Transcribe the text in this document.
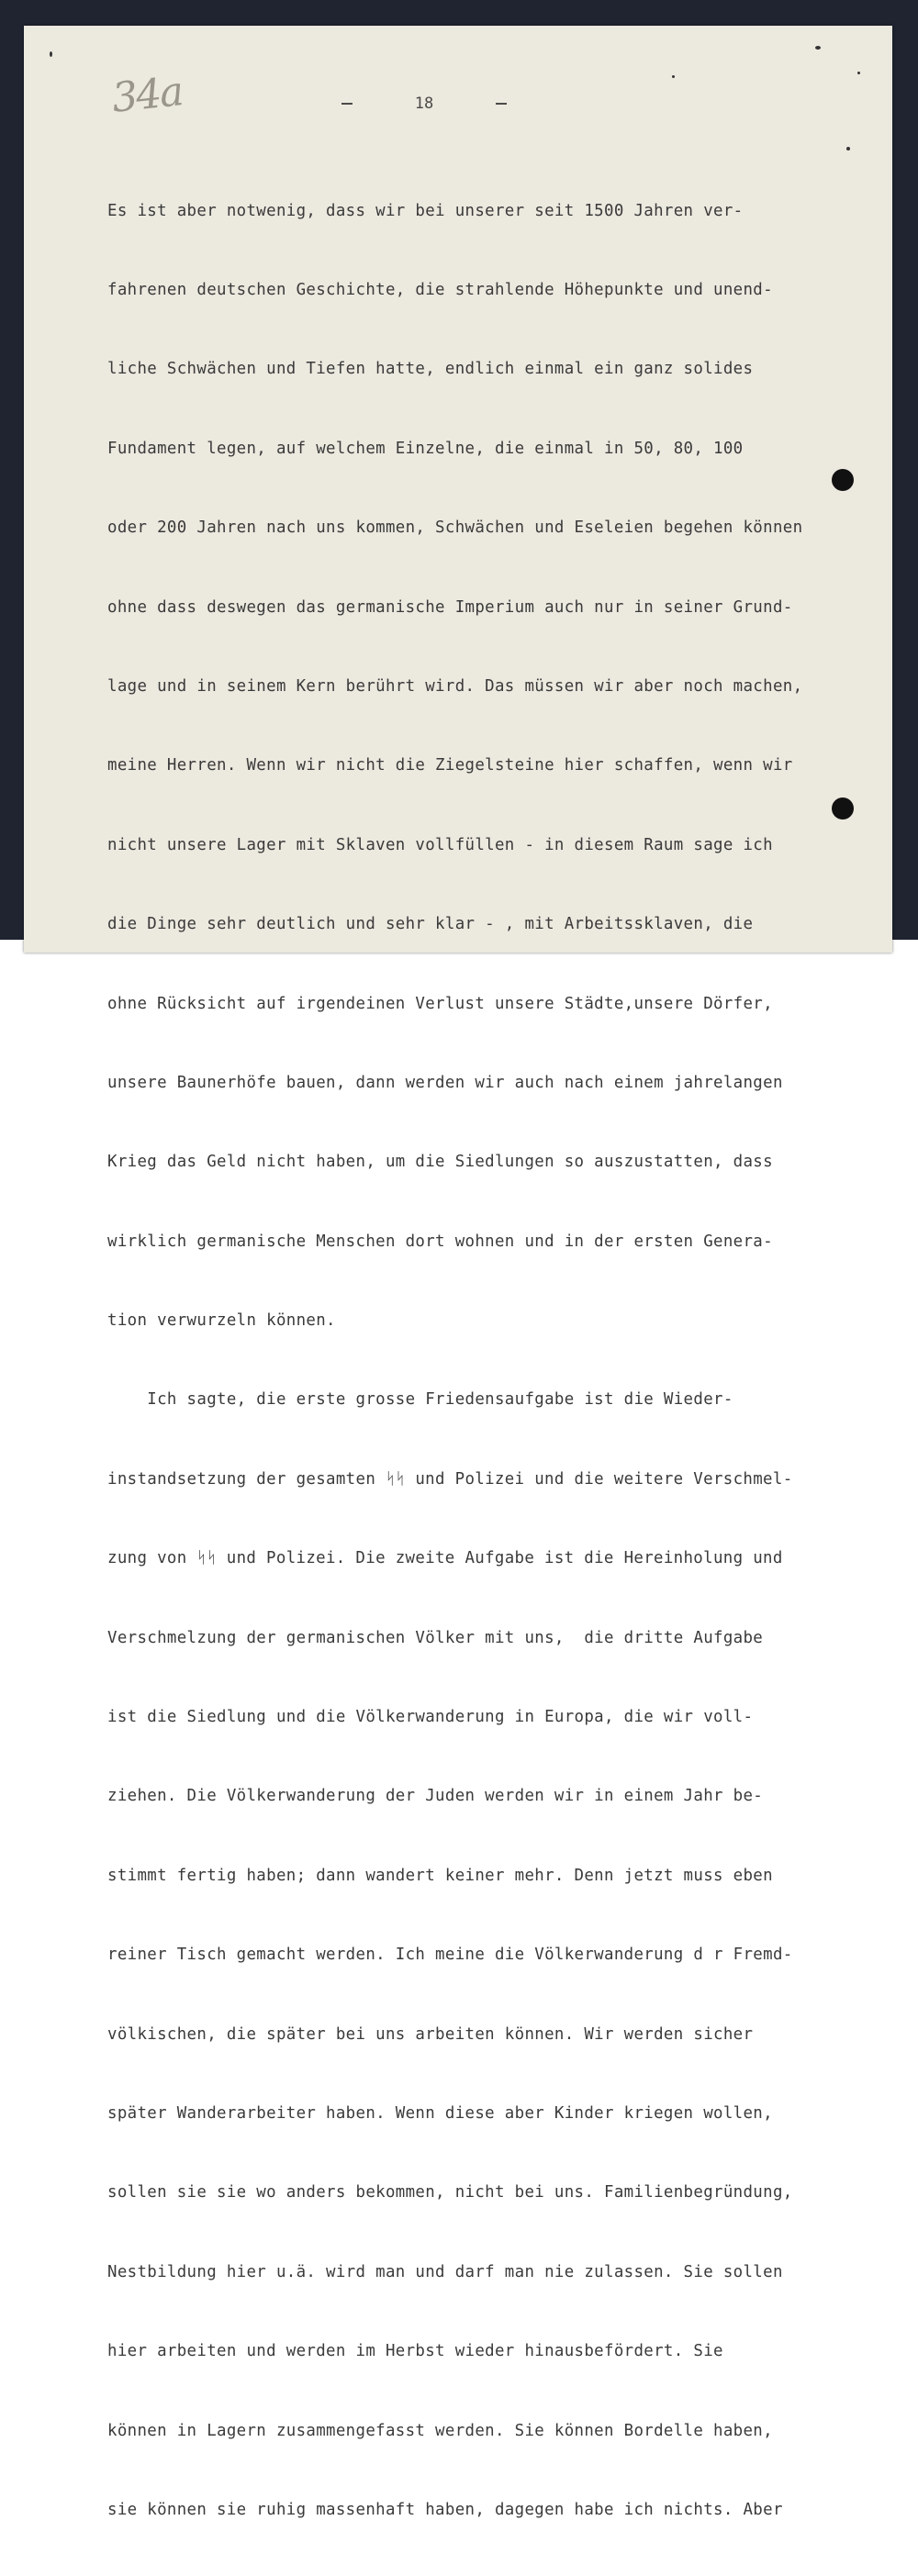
34a	18

Es ist aber notwenig, dass wir bei unserer seit 1500 Jahren ver-

fahrenen deutschen Geschichte, die strahlende Höhepunkte und unend-

liche Schwächen und Tiefen hatte, endlich einmal ein ganz solides

Fundament legen, auf welchem Einzelne, die einmal in 50, 80, 100

oder 200 Jahren nach uns kommen, Schwächen und Eseleien begehen können

ohne dass deswegen das germanische Imperium auch nur in seiner Grund-

lage und in seinem Kern berührt wird. Das müssen wir aber noch machen,

meine Herren. Wenn wir nicht die Ziegelsteine hier schaffen, wenn wir

nicht unsere Lager mit Sklaven vollfüllen - in diesem Raum sage ich

die Dinge sehr deutlich und sehr klar - , mit Arbeitssklaven, die

ohne Rücksicht auf irgendeinen Verlust unsere Städte,unsere Dörfer,

unsere Baunerhöfe bauen, dann werden wir auch nach einem jahrelangen

Krieg das Geld nicht haben, um die Siedlungen so auszustatten, dass

wirklich germanische Menschen dort wohnen und in der ersten Genera-

tion verwurzeln können.

Ich sagte, die erste grosse Friedensaufgabe ist die Wieder-

instandsetzung der gesamten ᛋᛋ und Polizei und die weitere Verschmel-

zung von ᛋᛋ und Polizei. Die zweite Aufgabe ist die Hereinholung und

Verschmelzung der germanischen Völker mit uns,  die dritte Aufgabe

ist die Siedlung und die Völkerwanderung in Europa, die wir voll-

ziehen. Die Völkerwanderung der Juden werden wir in einem Jahr be-

stimmt fertig haben; dann wandert keiner mehr. Denn jetzt muss eben

reiner Tisch gemacht werden. Ich meine die Völkerwanderung d r Fremd-

völkischen, die später bei uns arbeiten können. Wir werden sicher

später Wanderarbeiter haben. Wenn diese aber Kinder kriegen wollen,

sollen sie sie wo anders bekommen, nicht bei uns. Familienbegründung,

Nestbildung hier u.ä. wird man und darf man nie zulassen. Sie sollen

hier arbeiten und werden im Herbst wieder hinausbefördert. Sie

können in Lagern zusammengefasst werden. Sie können Bordelle haben,

sie können sie ruhig massenhaft haben, dagegen habe ich nichts. Aber
